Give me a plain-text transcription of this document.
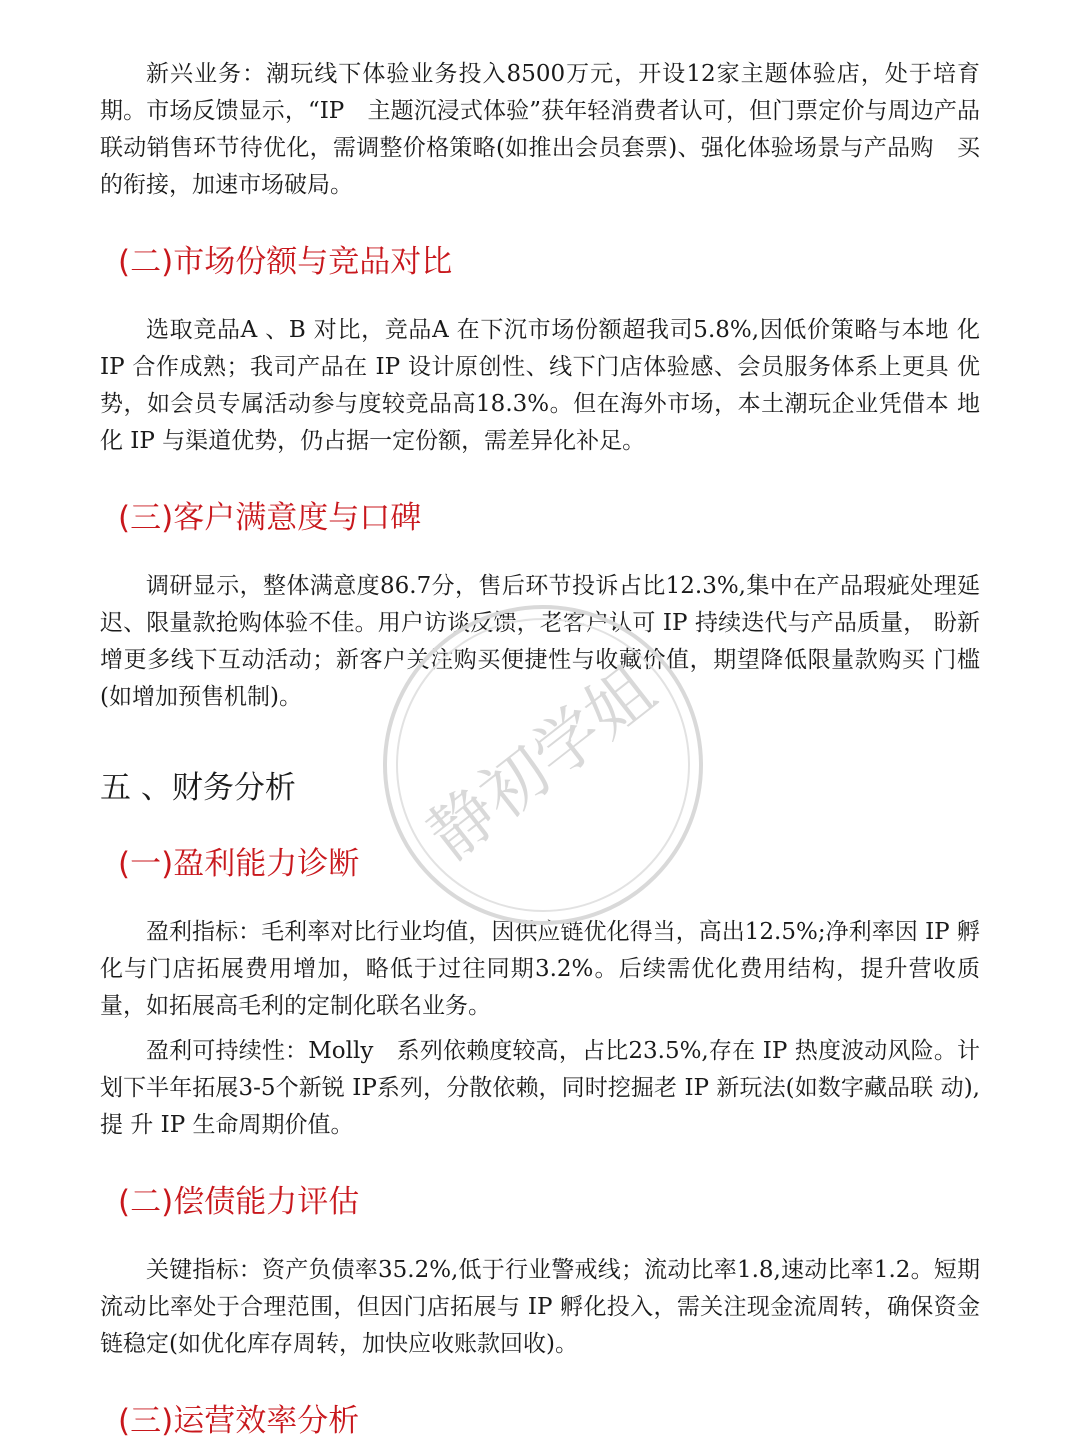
新兴业务：潮玩线下体验业务投入8500万元，开设12家主题体验店，处于培育期。市场反馈显示，“IP　主题沉浸式体验”获年轻消费者认可，但门票定价与周边产品 联动销售环节待优化，需调整价格策略(如推出会员套票)、强化体验场景与产品购　买的衔接，加速市场破局。

(二)市场份额与竞品对比

选取竞品A 、B 对比，竞品A 在下沉市场份额超我司5.8%,因低价策略与本地 化 IP 合作成熟；我司产品在 IP 设计原创性、线下门店体验感、会员服务体系上更具 优势，如会员专属活动参与度较竞品高18.3%。但在海外市场，本土潮玩企业凭借本 地化 IP 与渠道优势，仍占据一定份额，需差异化补足。

(三)客户满意度与口碑

调研显示，整体满意度86.7分，售后环节投诉占比12.3%,集中在产品瑕疵处理延迟、限量款抢购体验不佳。用户访谈反馈，老客户认可 IP 持续迭代与产品质量， 盼新增更多线下互动活动；新客户关注购买便捷性与收藏价值，期望降低限量款购买 门槛(如增加预售机制)。

五 、财务分析
(一)盈利能力诊断

盈利指标：毛利率对比行业均值，因供应链优化得当，高出12.5%;净利率因 IP 孵化与门店拓展费用增加，略低于过往同期3.2%。后续需优化费用结构，提升营收质量，如拓展高毛利的定制化联名业务。

盈利可持续性：Molly　系列依赖度较高，占比23.5%,存在 IP 热度波动风险。计 划下半年拓展3-5个新锐 IP系列，分散依赖，同时挖掘老 IP 新玩法(如数字藏品联 动),提 升 IP 生命周期价值。

(二)偿债能力评估

关键指标：资产负债率35.2%,低于行业警戒线；流动比率1.8,速动比率1.2。短期流动比率处于合理范围，但因门店拓展与 IP 孵化投入，需关注现金流周转，确保资金链稳定(如优化库存周转，加快应收账款回收)。

(三)运营效率分析
静初学姐
